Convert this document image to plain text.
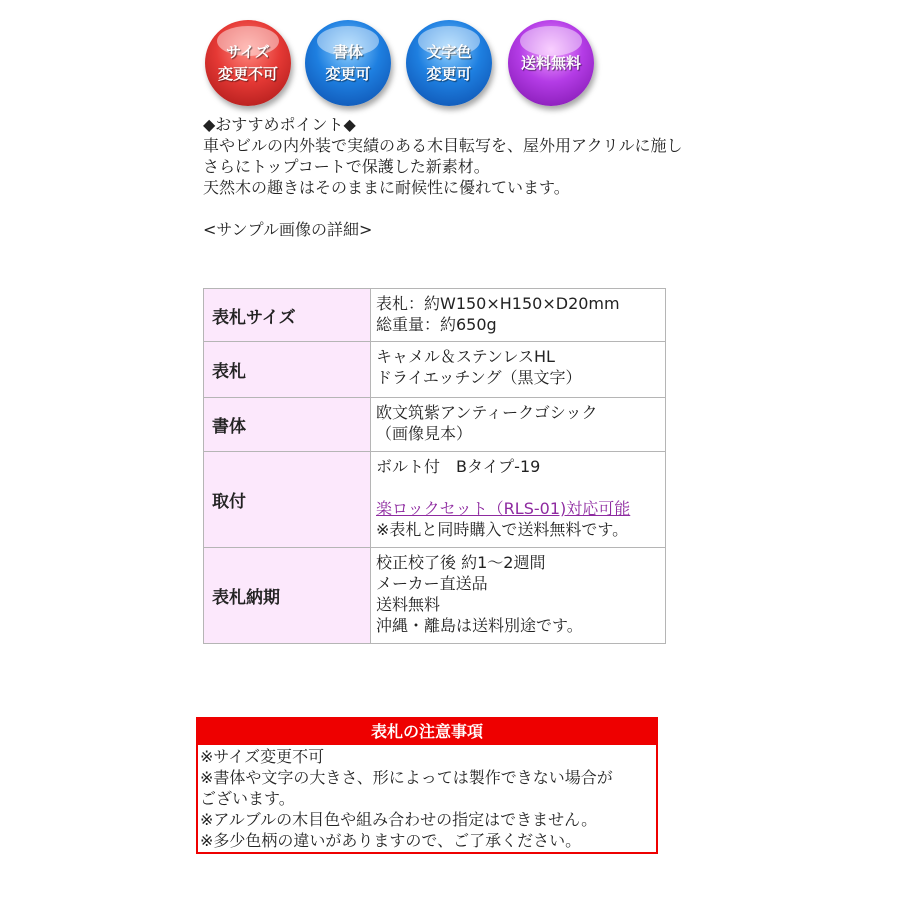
サイズ
変更不可
書体
変更可
文字色
変更可
送料無料
◆おすすめポイント◆
車やビルの内外装で実績のある木目転写を、屋外用アクリルに施し
さらにトップコートで保護した新素材。
天然木の趣きはそのままに耐候性に優れています。
<サンプル画像の詳細>
表札サイズ	表札：約W150×H150×D20mm
総重量：約650g

表札	キャメル＆ステンレスHL
ドライエッチング（黒文字）

書体	欧文筑紫アンティークゴシック
（画像見本）

取付	ボルト付　Bタイプ-19
楽ロックセット（RLS-01)対応可能
※表札と同時購入で送料無料です。

表札納期	校正校了後 約1～2週間
メーカー直送品
送料無料
沖縄・離島は送料別途です。
表札の注意事項
※サイズ変更不可
※書体や文字の大きさ、形によっては製作できない場合が
ございます。
※アルブルの木目色や組み合わせの指定はできません。
※多少色柄の違いがありますので、ご了承ください。
